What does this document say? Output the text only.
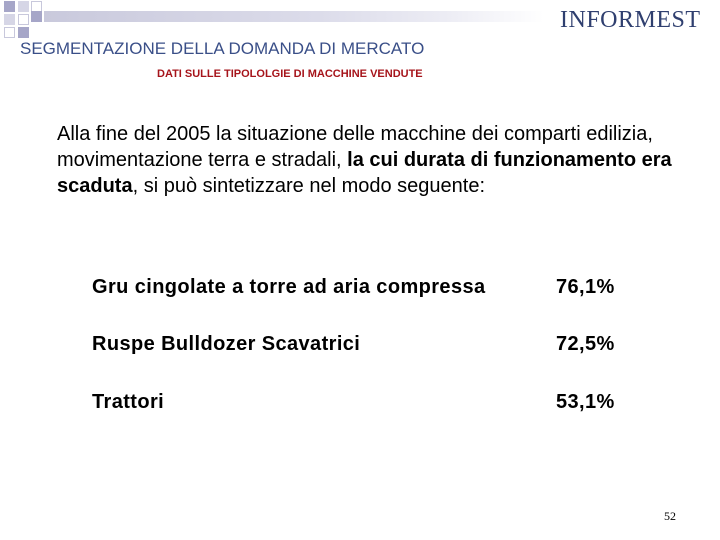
INFORMEST
SEGMENTAZIONE DELLA DOMANDA DI MERCATO
DATI SULLE TIPOLOLGIE DI MACCHINE VENDUTE
Alla fine del 2005 la situazione delle macchine dei comparti edilizia, movimentazione terra e stradali, la cui durata di funzionamento era scaduta, si può sintetizzare nel modo seguente:
Gru cingolate a torre ad aria compressa	76,1%
Ruspe Bulldozer Scavatrici	72,5%
Trattori	53,1%
52
